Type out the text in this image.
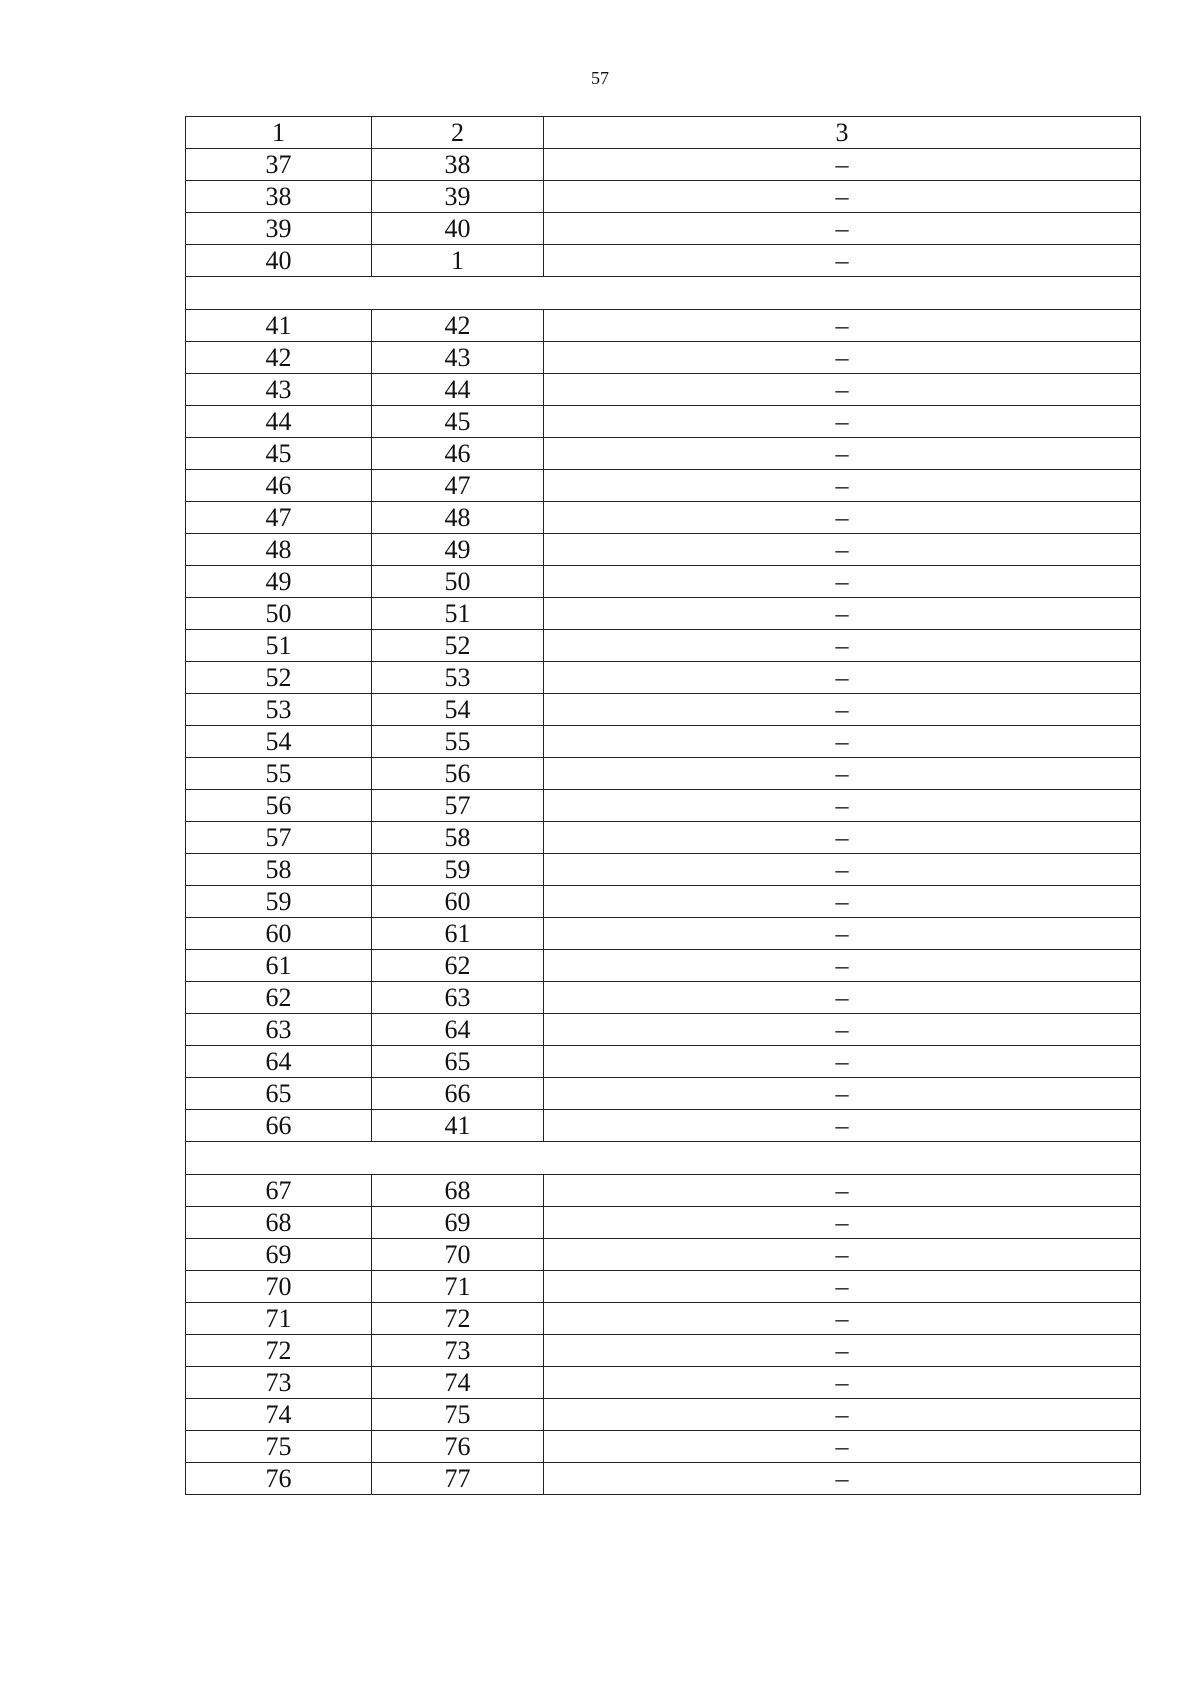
57
1	2	3
37	38	–
38	39	–
39	40	–
40	1	–

41	42	–
42	43	–
43	44	–
44	45	–
45	46	–
46	47	–
47	48	–
48	49	–
49	50	–
50	51	–
51	52	–
52	53	–
53	54	–
54	55	–
55	56	–
56	57	–
57	58	–
58	59	–
59	60	–
60	61	–
61	62	–
62	63	–
63	64	–
64	65	–
65	66	–
66	41	–

67	68	–
68	69	–
69	70	–
70	71	–
71	72	–
72	73	–
73	74	–
74	75	–
75	76	–
76	77	–
